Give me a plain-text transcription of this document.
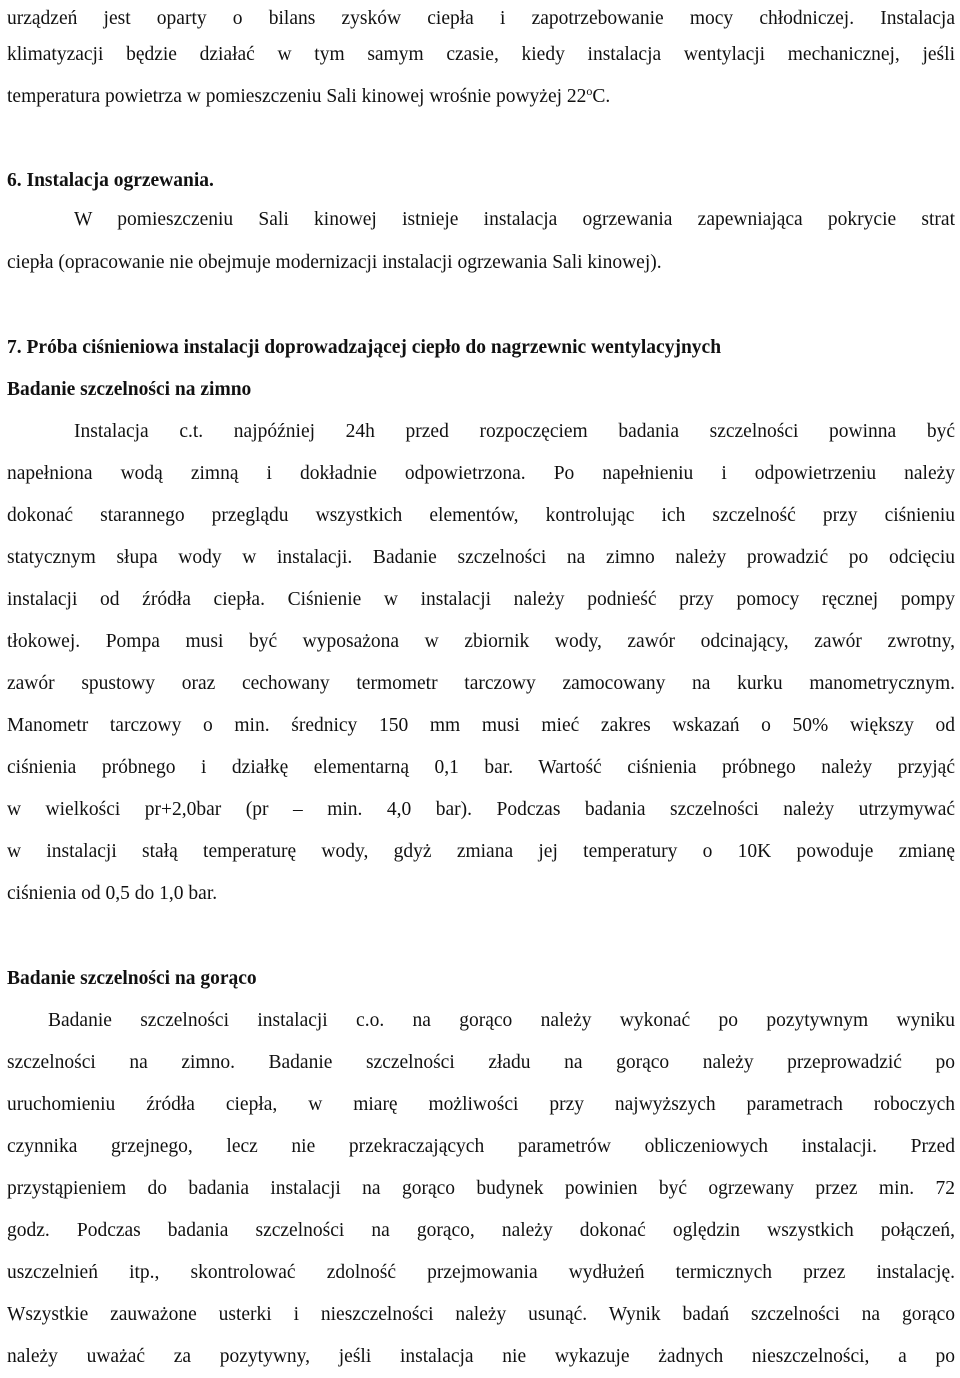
urządzeń jest oparty o bilans zysków ciepła i zapotrzebowanie mocy chłodniczej. Instalacja
klimatyzacji będzie działać w tym samym czasie, kiedy instalacja wentylacji mechanicznej, jeśli
temperatura powietrza w pomieszczeniu Sali kinowej wrośnie powyżej 22$^o$C.
6. Instalacja ogrzewania.
W pomieszczeniu Sali kinowej istnieje instalacja ogrzewania zapewniająca pokrycie strat
ciepła (opracowanie nie obejmuje modernizacji instalacji ogrzewania Sali kinowej).
7. Próba ciśnieniowa instalacji doprowadzającej ciepło do nagrzewnic wentylacyjnych
Badanie szczelności na zimno
Instalacja c.t. najpóźniej 24h przed rozpoczęciem badania szczelności powinna być
napełniona wodą zimną i dokładnie odpowietrzona. Po napełnieniu i odpowietrzeniu należy
dokonać starannego przeglądu wszystkich elementów, kontrolując ich szczelność przy ciśnieniu
statycznym słupa wody w instalacji. Badanie szczelności na zimno należy prowadzić po odcięciu
instalacji od źródła ciepła. Ciśnienie w instalacji należy podnieść przy pomocy ręcznej pompy
tłokowej. Pompa musi być wyposażona w zbiornik wody, zawór odcinający, zawór zwrotny,
zawór spustowy oraz cechowany termometr tarczowy zamocowany na kurku manometrycznym.
Manometr tarczowy o min. średnicy 150 mm musi mieć zakres wskazań o 50% większy od
ciśnienia próbnego i działkę elementarną 0,1 bar. Wartość ciśnienia próbnego należy przyjąć
w wielkości pr+2,0bar (pr – min. 4,0 bar). Podczas badania szczelności należy utrzymywać
w instalacji stałą temperaturę wody, gdyż zmiana jej temperatury o 10K powoduje zmianę
ciśnienia od 0,5 do 1,0 bar.
Badanie szczelności na gorąco
Badanie szczelności instalacji c.o. na gorąco należy wykonać po pozytywnym wyniku
szczelności na zimno. Badanie szczelności zładu na gorąco należy przeprowadzić po
uruchomieniu źródła ciepła, w miarę możliwości przy najwyższych parametrach roboczych
czynnika grzejnego, lecz nie przekraczających parametrów obliczeniowych instalacji. Przed
przystąpieniem do badania instalacji na gorąco budynek powinien być ogrzewany przez min. 72
godz. Podczas badania szczelności na gorąco, należy dokonać oględzin wszystkich połączeń,
uszczelnień itp., skontrolować zdolność przejmowania wydłużeń termicznych przez instalację.
Wszystkie zauważone usterki i nieszczelności należy usunąć. Wynik badań szczelności na gorąco
należy uważać za pozytywny, jeśli instalacja nie wykazuje żadnych nieszczelności, a po
